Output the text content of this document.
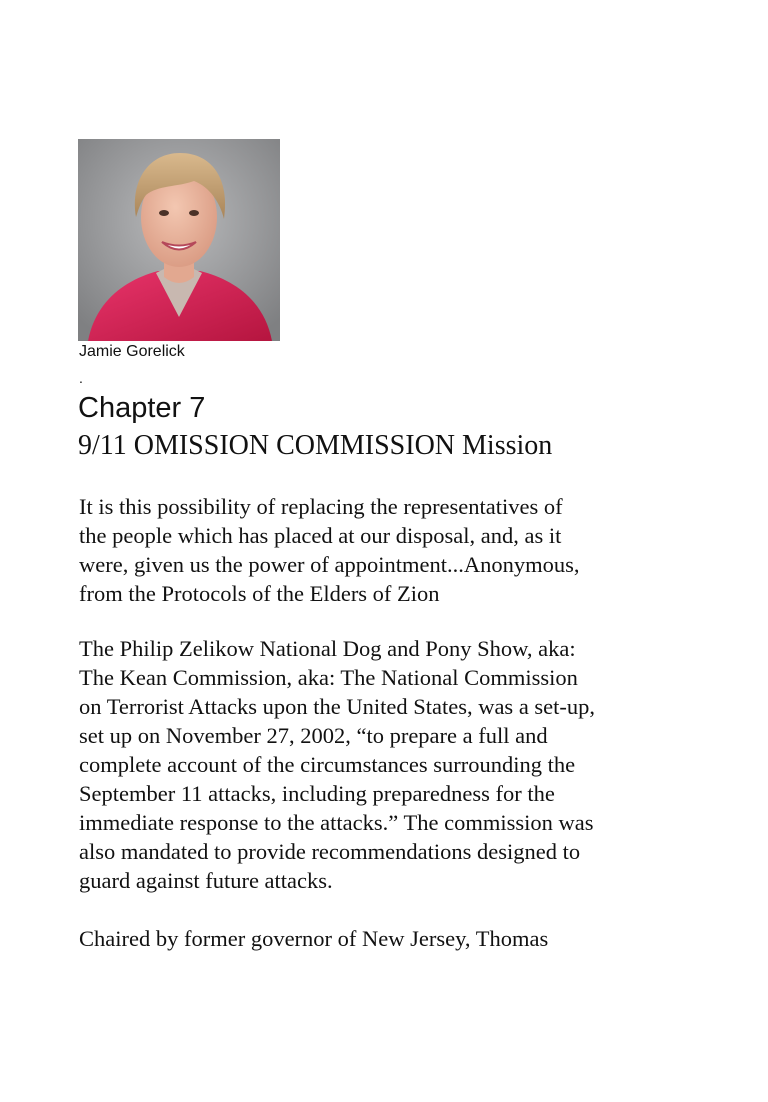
Jamie Gorelick

.

Chapter 7
9/11 OMISSION COMMISSION Mission

It is this possibility of replacing the representatives of
the people which has placed at our disposal, and, as it
were, given us the power of appointment...Anonymous,
from the Protocols of the Elders of Zion

The Philip Zelikow National Dog and Pony Show, aka:
The Kean Commission, aka: The National Commission
on Terrorist Attacks upon the United States, was a set-up,
set up on November 27, 2002, “to prepare a full and
complete account of the circumstances surrounding the
September 11 attacks, including preparedness for the
immediate response to the attacks.” The commission was
also mandated to provide recommendations designed to
guard against future attacks.

Chaired by former governor of New Jersey, Thomas
